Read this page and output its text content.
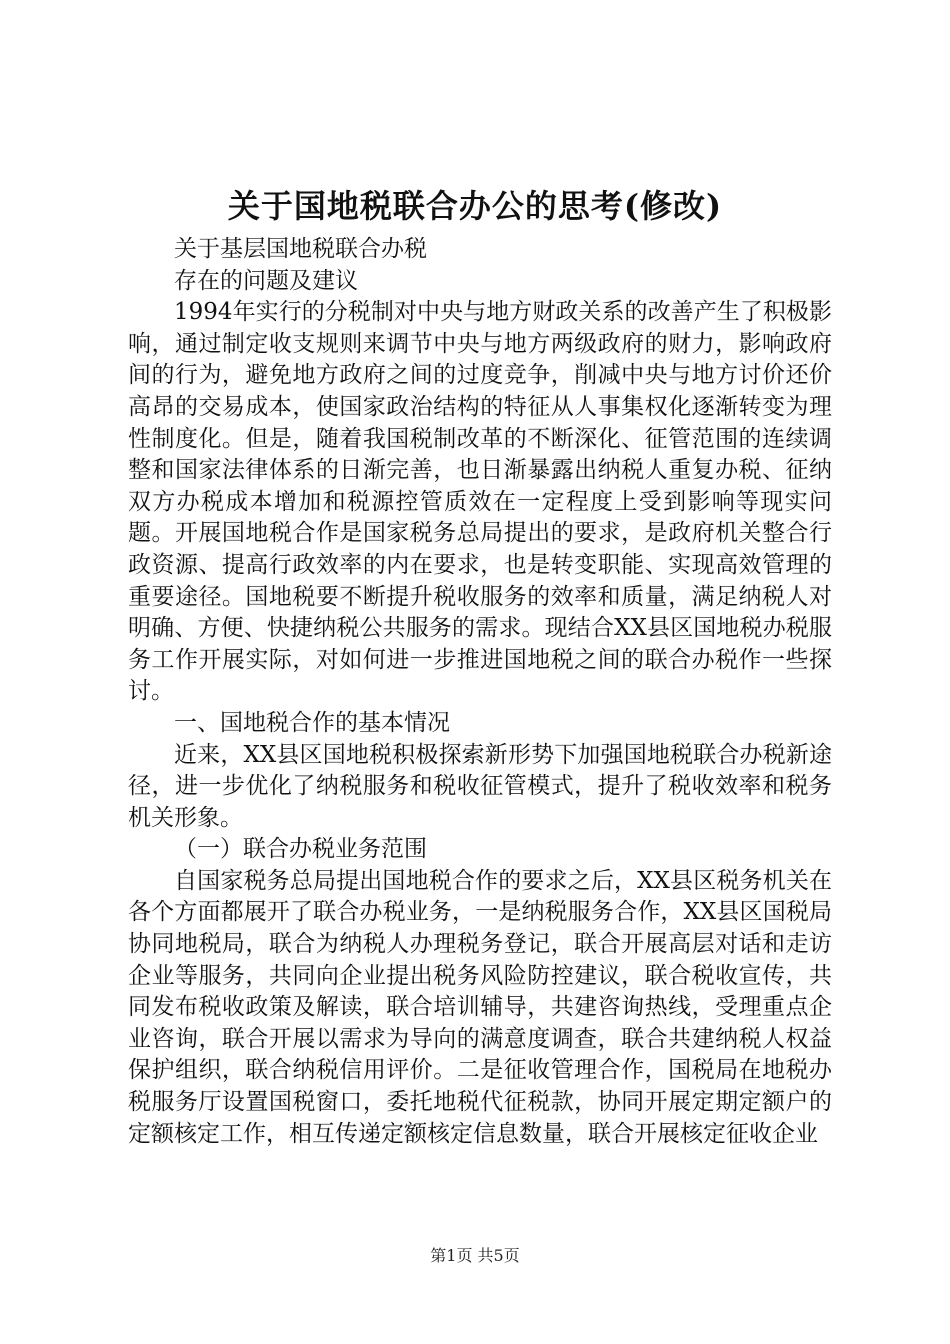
关于国地税联合办公的思考(修改)

关于基层国地税联合办税

存在的问题及建议

1994年实行的分税制对中央与地方财政关系的改善产生了积极影响，通过制定收支规则来调节中央与地方两级政府的财力，影响政府间的行为，避免地方政府之间的过度竞争，削减中央与地方讨价还价高昂的交易成本，使国家政治结构的特征从人事集权化逐渐转变为理性制度化。但是，随着我国税制改革的不断深化、征管范围的连续调整和国家法律体系的日渐完善，也日渐暴露出纳税人重复办税、征纳双方办税成本增加和税源控管质效在一定程度上受到影响等现实问题。开展国地税合作是国家税务总局提出的要求，是政府机关整合行政资源、提高行政效率的内在要求，也是转变职能、实现高效管理的重要途径。国地税要不断提升税收服务的效率和质量，满足纳税人对明确、方便、快捷纳税公共服务的需求。现结合XX县区国地税办税服务工作开展实际，对如何进一步推进国地税之间的联合办税作一些探讨。

一、国地税合作的基本情况

近来，XX县区国地税积极探索新形势下加强国地税联合办税新途径，进一步优化了纳税服务和税收征管模式，提升了税收效率和税务机关形象。

（一）联合办税业务范围

自国家税务总局提出国地税合作的要求之后，XX县区税务机关在各个方面都展开了联合办税业务，一是纳税服务合作，XX县区国税局协同地税局，联合为纳税人办理税务登记，联合开展高层对话和走访企业等服务，共同向企业提出税务风险防控建议，联合税收宣传，共同发布税收政策及解读，联合培训辅导，共建咨询热线，受理重点企业咨询，联合开展以需求为导向的满意度调查，联合共建纳税人权益保护组织，联合纳税信用评价。二是征收管理合作，国税局在地税办税服务厅设置国税窗口，委托地税代征税款，协同开展定期定额户的定额核定工作，相互传递定额核定信息数量，联合开展核定征收企业

第1页 共5页
